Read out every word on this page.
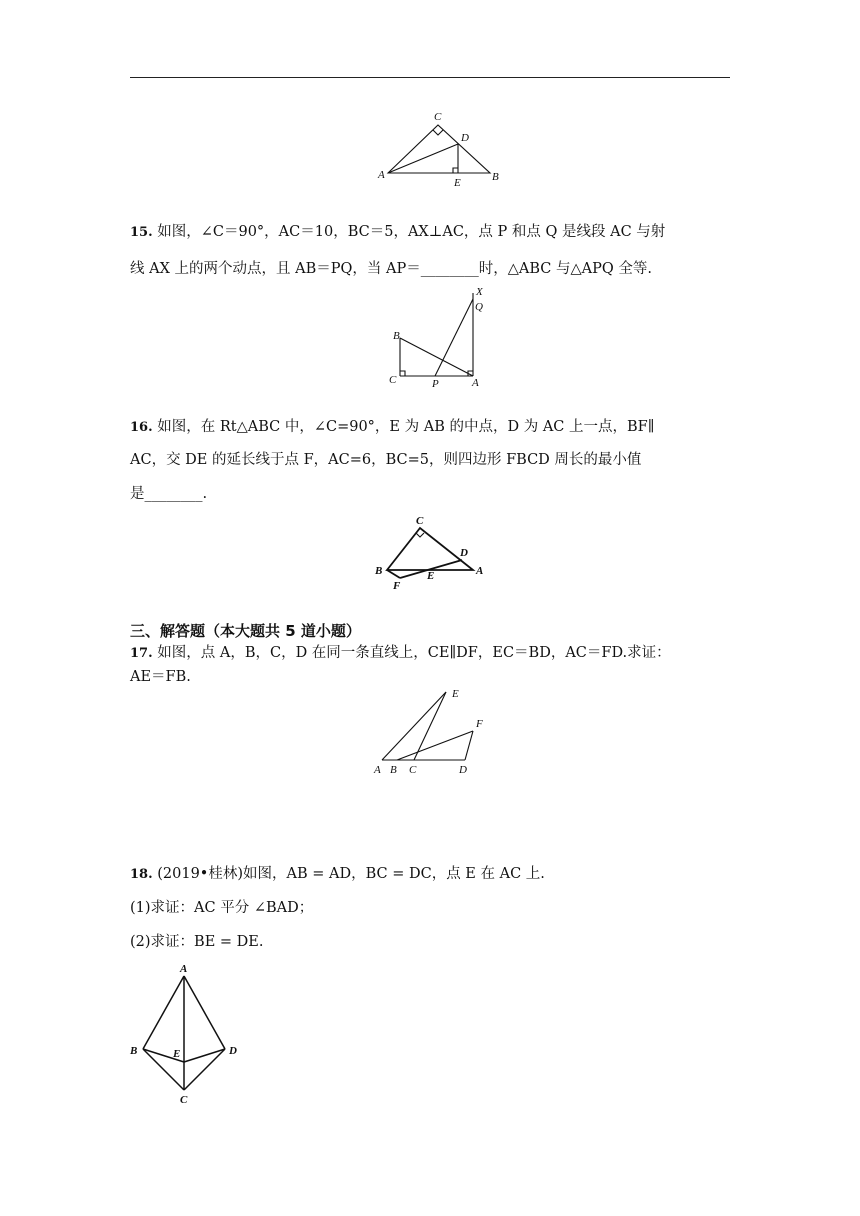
C
D
A
E	B
15. 如图，∠C＝90°，AC＝10，BC＝5，AX⊥AC，点 P 和点 Q 是线段 AC 与射
线 AX 上的两个动点，且 AB＝PQ，当 AP＝________时，△ABC 与△APQ 全等.
X
Q
B
C	P	A
16. 如图，在 Rt△ABC 中，∠C=90°，E 为 AB 的中点，D 为 AC 上一点，BF∥
AC，交 DE 的延长线于点 F，AC=6，BC=5，则四边形 FBCD 周长的最小值
是________.
C
D
B	E	A
F
三、解答题（本大题共 5 道小题）
17. 如图，点 A，B，C，D 在同一条直线上，CE∥DF，EC＝BD，AC＝FD.求证：
AE＝FB.
E
F
A B C	D
18. (2019•桂林)如图，AB = AD，BC = DC，点 E 在 AC 上.
(1)求证：AC 平分 ∠BAD；
(2)求证：BE = DE.
A
B	E	D
C
